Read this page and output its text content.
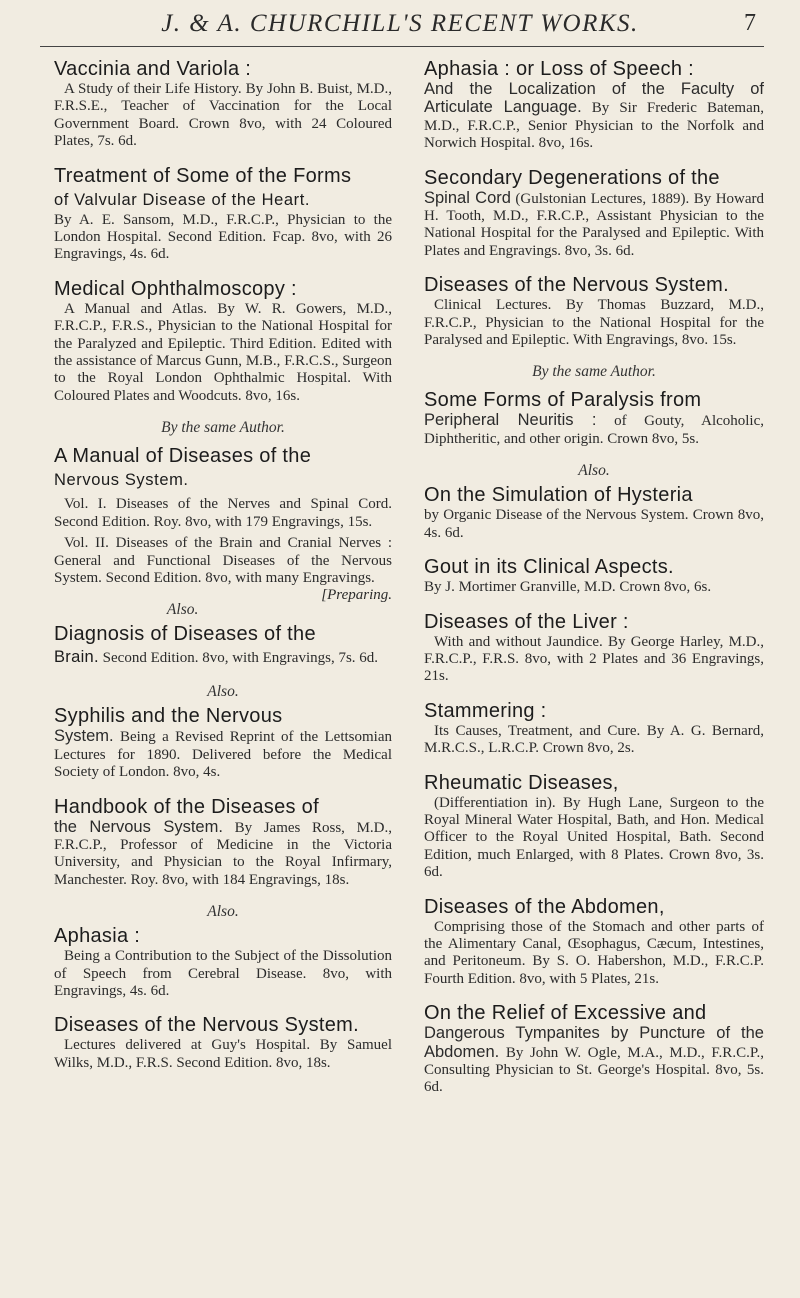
J. & A. CHURCHILL'S RECENT WORKS.	7
Vaccinia and Variola :
A Study of their Life History. By John B. Buist, M.D., F.R.S.E., Teacher of Vaccination for the Local Government Board. Crown 8vo, with 24 Coloured Plates, 7s. 6d.
Treatment of Some of the Forms
of Valvular Disease of the Heart.
By A. E. Sansom, M.D., F.R.C.P., Physician to the London Hospital. Second Edition. Fcap. 8vo, with 26 Engravings, 4s. 6d.
Medical Ophthalmoscopy :
A Manual and Atlas. By W. R. Gowers, M.D., F.R.C.P., F.R.S., Physician to the National Hospital for the Paralyzed and Epileptic. Third Edition. Edited with the assistance of Marcus Gunn, M.B., F.R.C.S., Surgeon to the Royal London Ophthalmic Hospital. With Coloured Plates and Woodcuts. 8vo, 16s.
By the same Author.
A Manual of Diseases of the
Nervous System.
Vol. I. Diseases of the Nerves and Spinal Cord. Second Edition. Roy. 8vo, with 179 Engravings, 15s.
Vol. II. Diseases of the Brain and Cranial Nerves : General and Functional Diseases of the Nervous System. Second Edition. 8vo, with many Engravings.
[Preparing.
Also.
Diagnosis of Diseases of the
Brain. Second Edition. 8vo, with Engravings, 7s. 6d.
Also.
Syphilis and the Nervous
System. Being a Revised Reprint of the Lettsomian Lectures for 1890. Delivered before the Medical Society of London. 8vo, 4s.
Handbook of the Diseases of
the Nervous System. By James Ross, M.D., F.R.C.P., Professor of Medicine in the Victoria University, and Physician to the Royal Infirmary, Manchester. Roy. 8vo, with 184 Engravings, 18s.
Also.
Aphasia :
Being a Contribution to the Subject of the Dissolution of Speech from Cerebral Disease. 8vo, with Engravings, 4s. 6d.
Diseases of the Nervous System.
Lectures delivered at Guy's Hospital. By Samuel Wilks, M.D., F.R.S. Second Edition. 8vo, 18s.
Aphasia : or Loss of Speech :
And the Localization of the Faculty of Articulate Language. By Sir Frederic Bateman, M.D., F.R.C.P., Senior Physician to the Norfolk and Norwich Hospital. 8vo, 16s.
Secondary Degenerations of the
Spinal Cord (Gulstonian Lectures, 1889). By Howard H. Tooth, M.D., F.R.C.P., Assistant Physician to the National Hospital for the Paralysed and Epileptic. With Plates and Engravings. 8vo, 3s. 6d.
Diseases of the Nervous System.
Clinical Lectures. By Thomas Buzzard, M.D., F.R.C.P., Physician to the National Hospital for the Paralysed and Epileptic. With Engravings, 8vo. 15s.
By the same Author.
Some Forms of Paralysis from
Peripheral Neuritis : of Gouty, Alcoholic, Diphtheritic, and other origin. Crown 8vo, 5s.
Also.
On the Simulation of Hysteria
by Organic Disease of the Nervous System. Crown 8vo, 4s. 6d.
Gout in its Clinical Aspects.
By J. Mortimer Granville, M.D. Crown 8vo, 6s.
Diseases of the Liver :
With and without Jaundice. By George Harley, M.D., F.R.C.P., F.R.S. 8vo, with 2 Plates and 36 Engravings, 21s.
Stammering :
Its Causes, Treatment, and Cure. By A. G. Bernard, M.R.C.S., L.R.C.P. Crown 8vo, 2s.
Rheumatic Diseases,
(Differentiation in). By Hugh Lane, Surgeon to the Royal Mineral Water Hospital, Bath, and Hon. Medical Officer to the Royal United Hospital, Bath. Second Edition, much Enlarged, with 8 Plates. Crown 8vo, 3s. 6d.
Diseases of the Abdomen,
Comprising those of the Stomach and other parts of the Alimentary Canal, Œsophagus, Cæcum, Intestines, and Peritoneum. By S. O. Habershon, M.D., F.R.C.P. Fourth Edition. 8vo, with 5 Plates, 21s.
On the Relief of Excessive and
Dangerous Tympanites by Puncture of the Abdomen. By John W. Ogle, M.A., M.D., F.R.C.P., Consulting Physician to St. George's Hospital. 8vo, 5s. 6d.
